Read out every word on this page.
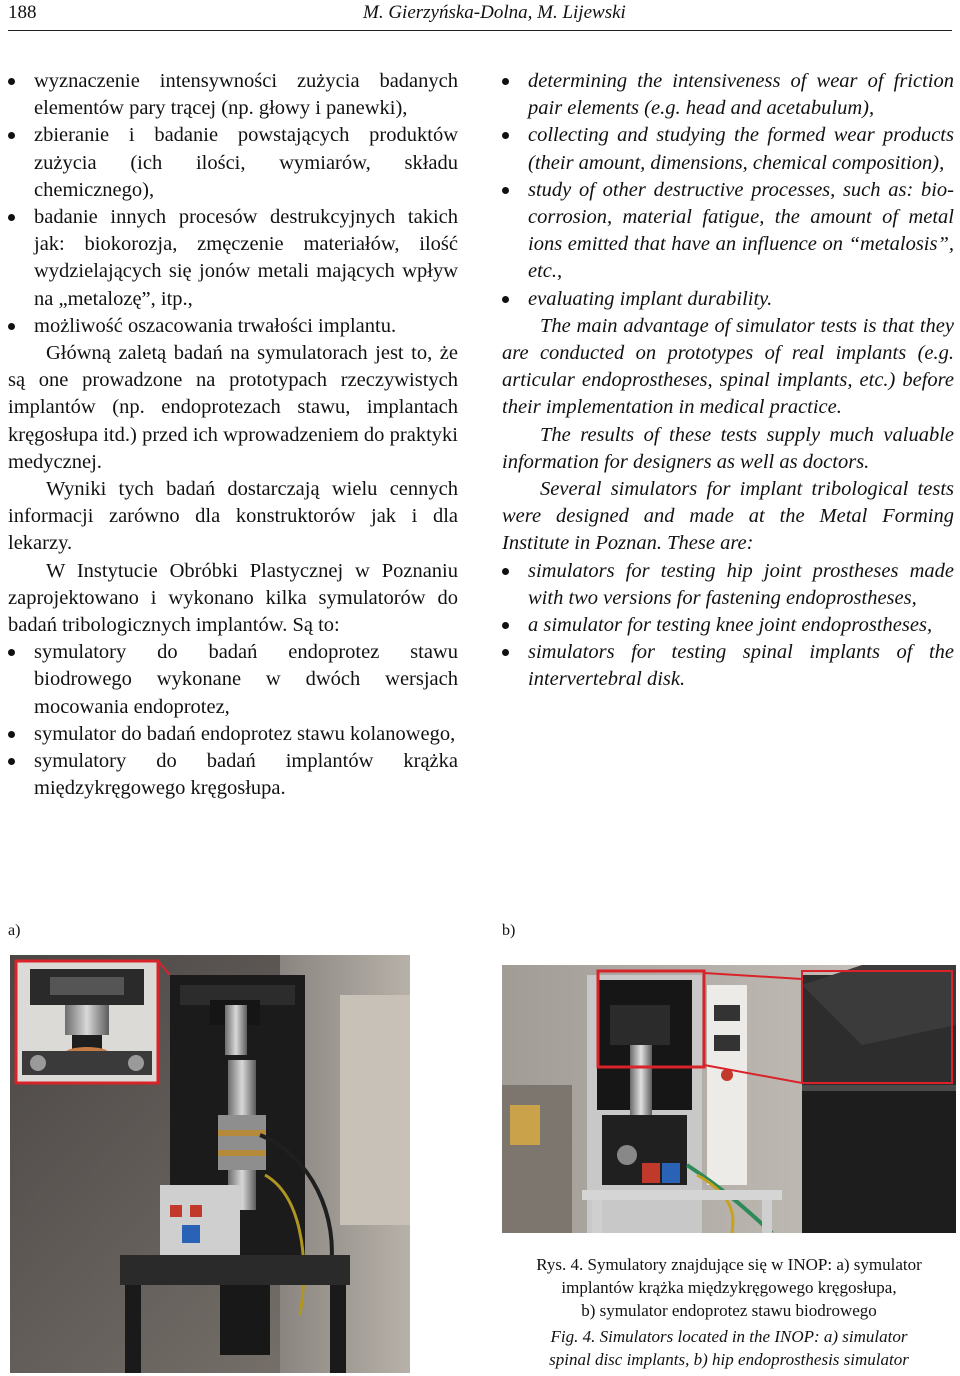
188	M. Gierzyńska-Dolna, M. Lijewski
wyznaczenie intensywności zużycia badanych elementów pary trącej (np. głowy i panewki),
zbieranie i badanie powstających produktów zużycia (ich ilości, wymiarów, składu chemicznego),
badanie innych procesów destrukcyjnych takich jak: biokorozja, zmęczenie materiałów, ilość wydzielających się jonów metali mających wpływ na „metalozę”, itp.,
możliwość oszacowania trwałości implantu.

Główną zaletą badań na symulatorach jest to, że są one prowadzone na prototypach rzeczywistych implantów (np. endoprotezach stawu, implantach kręgosłupa itd.) przed ich wprowadzeniem do praktyki medycznej.

Wyniki tych badań dostarczają wielu cennych informacji zarówno dla konstruktorów jak i dla lekarzy.

W Instytucie Obróbki Plastycznej w Poznaniu zaprojektowano i wykonano kilka symulatorów do badań tribologicznych implantów. Są to:

symulatory do badań endoprotez stawu biodrowego wykonane w dwóch wersjach mocowania endoprotez,
symulator do badań endoprotez stawu kolanowego,
symulatory do badań implantów krążka międzykręgowego kręgosłupa.
determining the intensiveness of wear of friction pair elements (e.g. head and acetabulum),
collecting and studying the formed wear products (their amount, dimensions, chemical composition),
study of other destructive processes, such as: bio-corrosion, material fatigue, the amount of metal ions emitted that have an influence on “metalosis”, etc.,
evaluating implant durability.

The main advantage of simulator tests is that they are conducted on prototypes of real implants (e.g. articular endoprostheses, spinal implants, etc.) before their implementation in medical practice.

The results of these tests supply much valuable information for designers as well as doctors.

Several simulators for implant tribological tests were designed and made at the Metal Forming Institute in Poznan. These are:

simulators for testing hip joint prostheses made with two versions for fastening endoprostheses,
a simulator for testing knee joint endoprostheses,
simulators for testing spinal implants of the intervertebral disk.
a)	b)
Rys. 4. Symulatory znajdujące się w INOP: a) symulator
implantów krążka międzykręgowego kręgosłupa,
b) symulator endoprotez stawu biodrowego
Fig. 4. Simulators located in the INOP: a) simulator
spinal disc implants, b) hip endoprosthesis simulator
